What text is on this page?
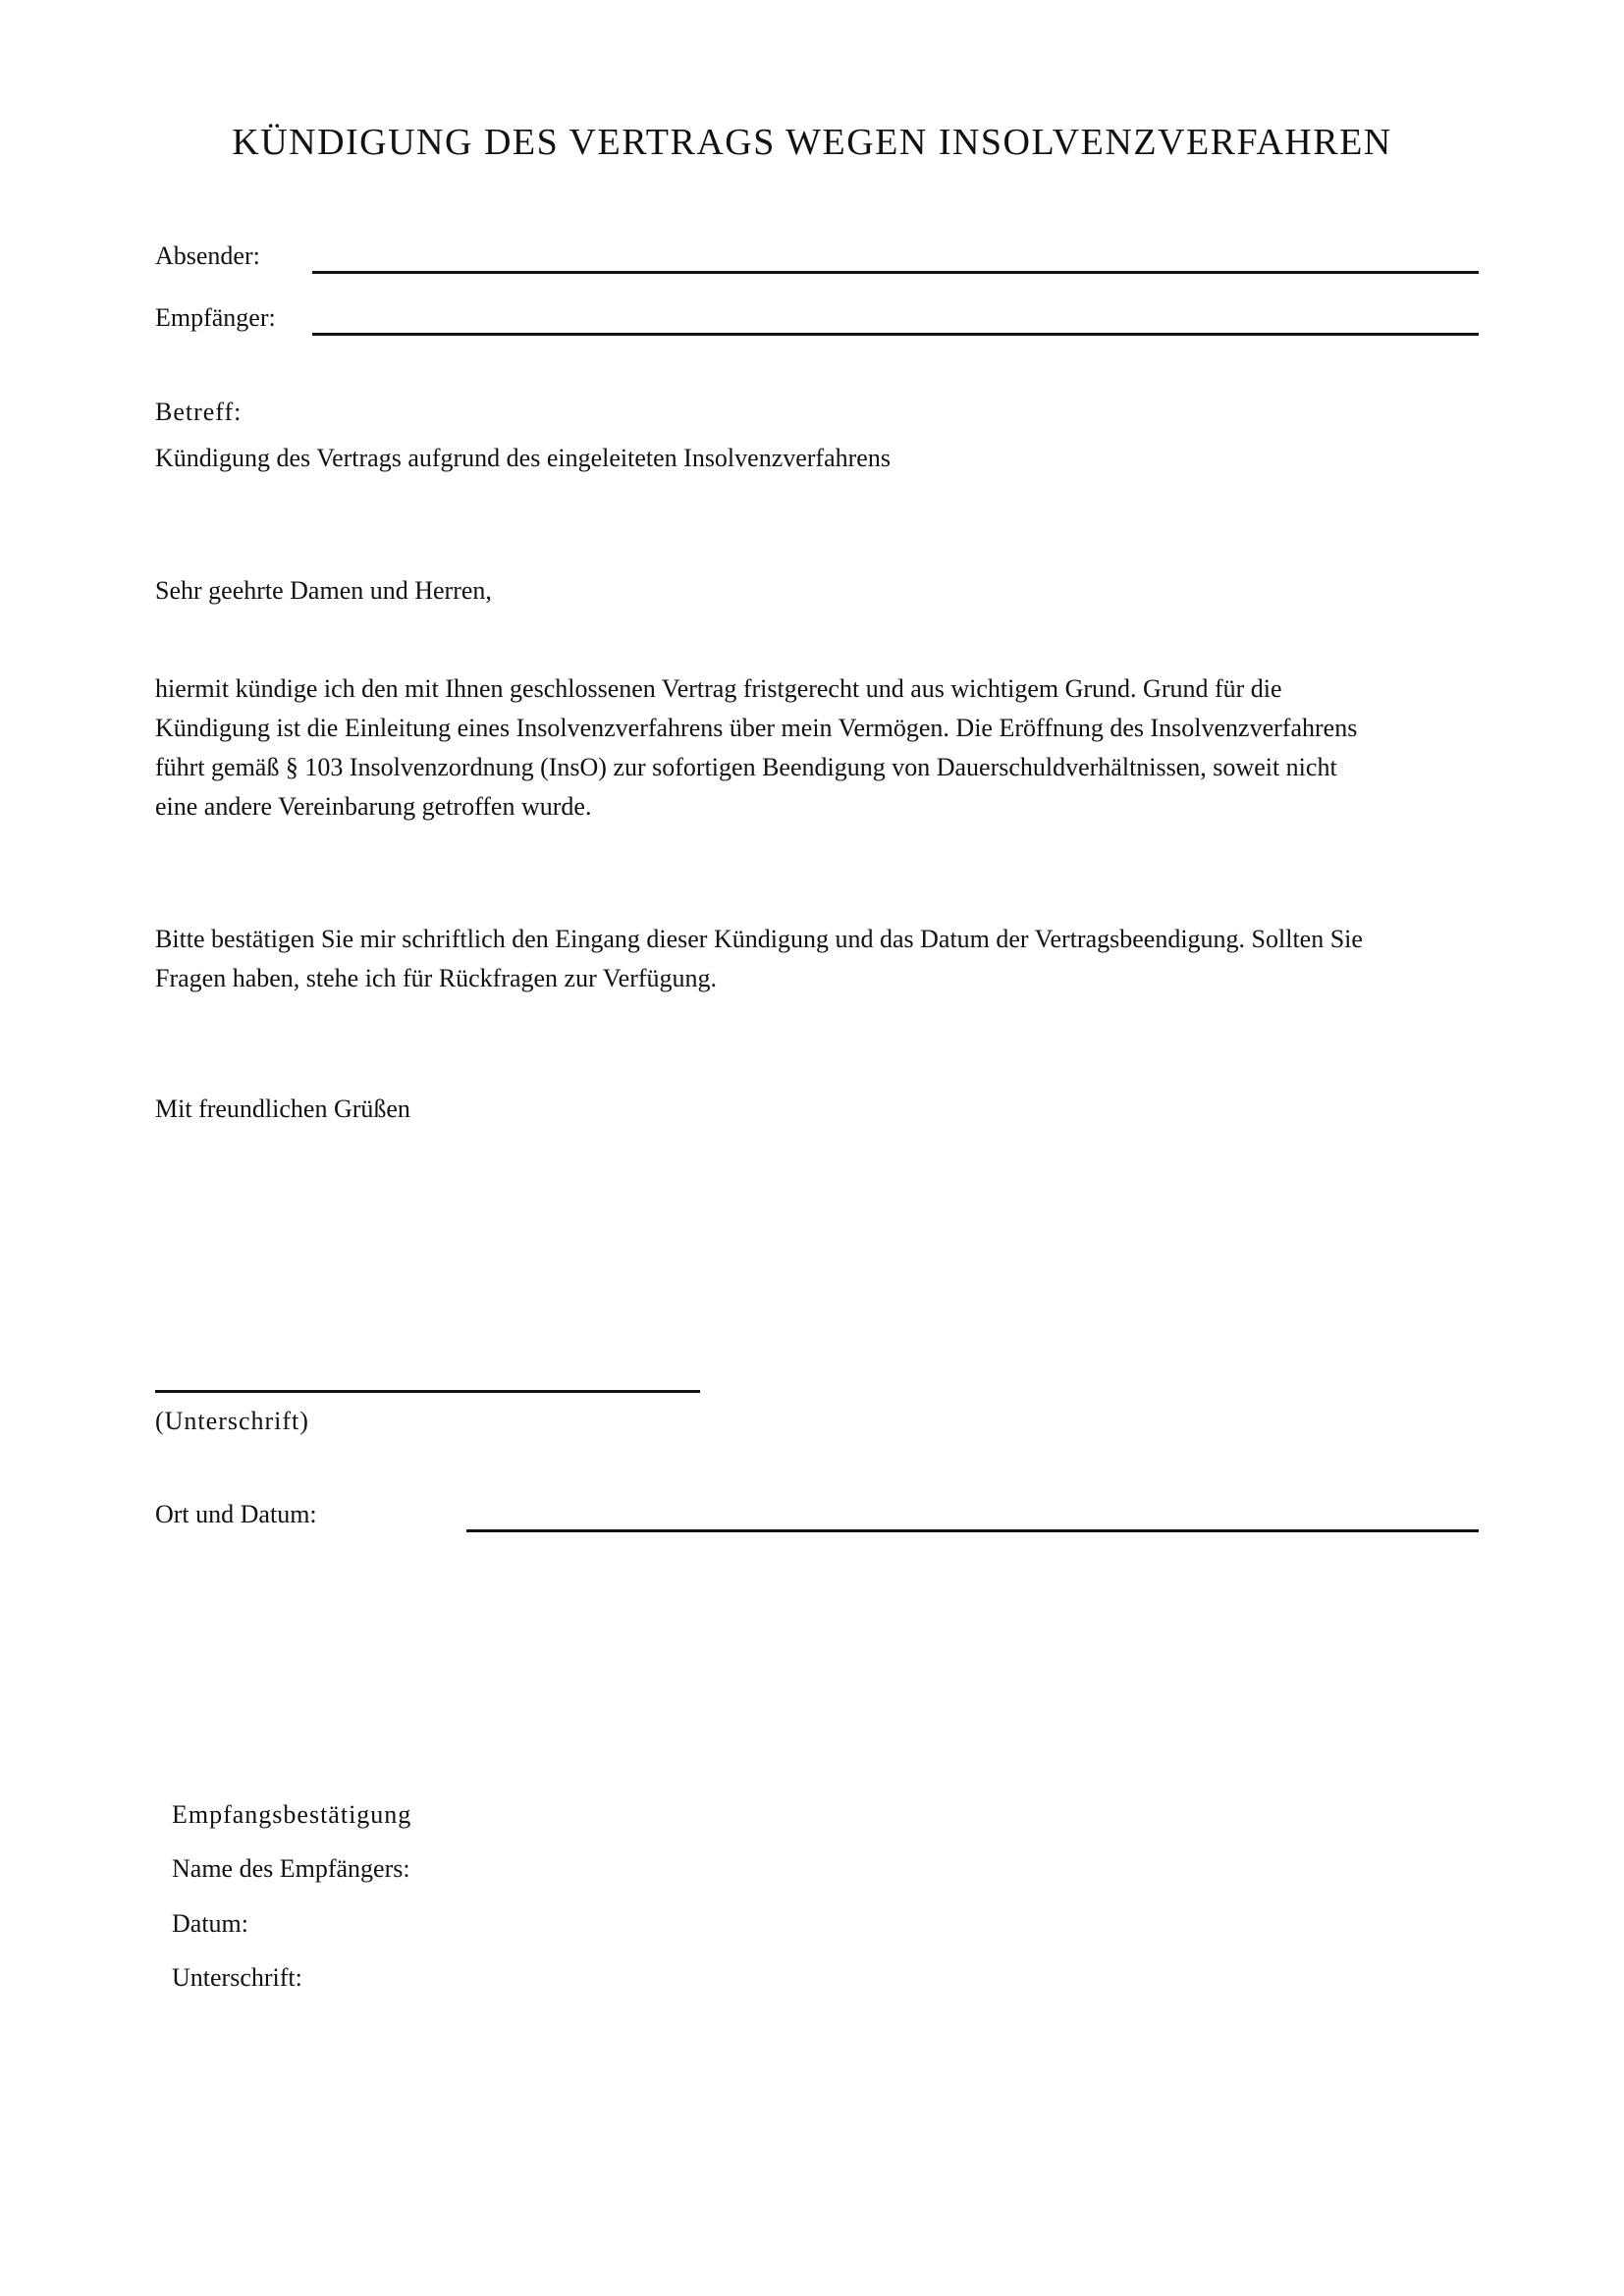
KÜNDIGUNG DES VERTRAGS WEGEN INSOLVENZVERFAHREN
Absender:
Empfänger:
Betreff:
Kündigung des Vertrags aufgrund des eingeleiteten Insolvenzverfahrens
Sehr geehrte Damen und Herren,
hiermit kündige ich den mit Ihnen geschlossenen Vertrag fristgerecht und aus wichtigem Grund. Grund für die
Kündigung ist die Einleitung eines Insolvenzverfahrens über mein Vermögen. Die Eröffnung des Insolvenzverfahrens
führt gemäß § 103 Insolvenzordnung (InsO) zur sofortigen Beendigung von Dauerschuldverhältnissen, soweit nicht
eine andere Vereinbarung getroffen wurde.
Bitte bestätigen Sie mir schriftlich den Eingang dieser Kündigung und das Datum der Vertragsbeendigung. Sollten Sie
Fragen haben, stehe ich für Rückfragen zur Verfügung.
Mit freundlichen Grüßen
(Unterschrift)
Ort und Datum:
Empfangsbestätigung
Name des Empfängers:
Datum:
Unterschrift:
